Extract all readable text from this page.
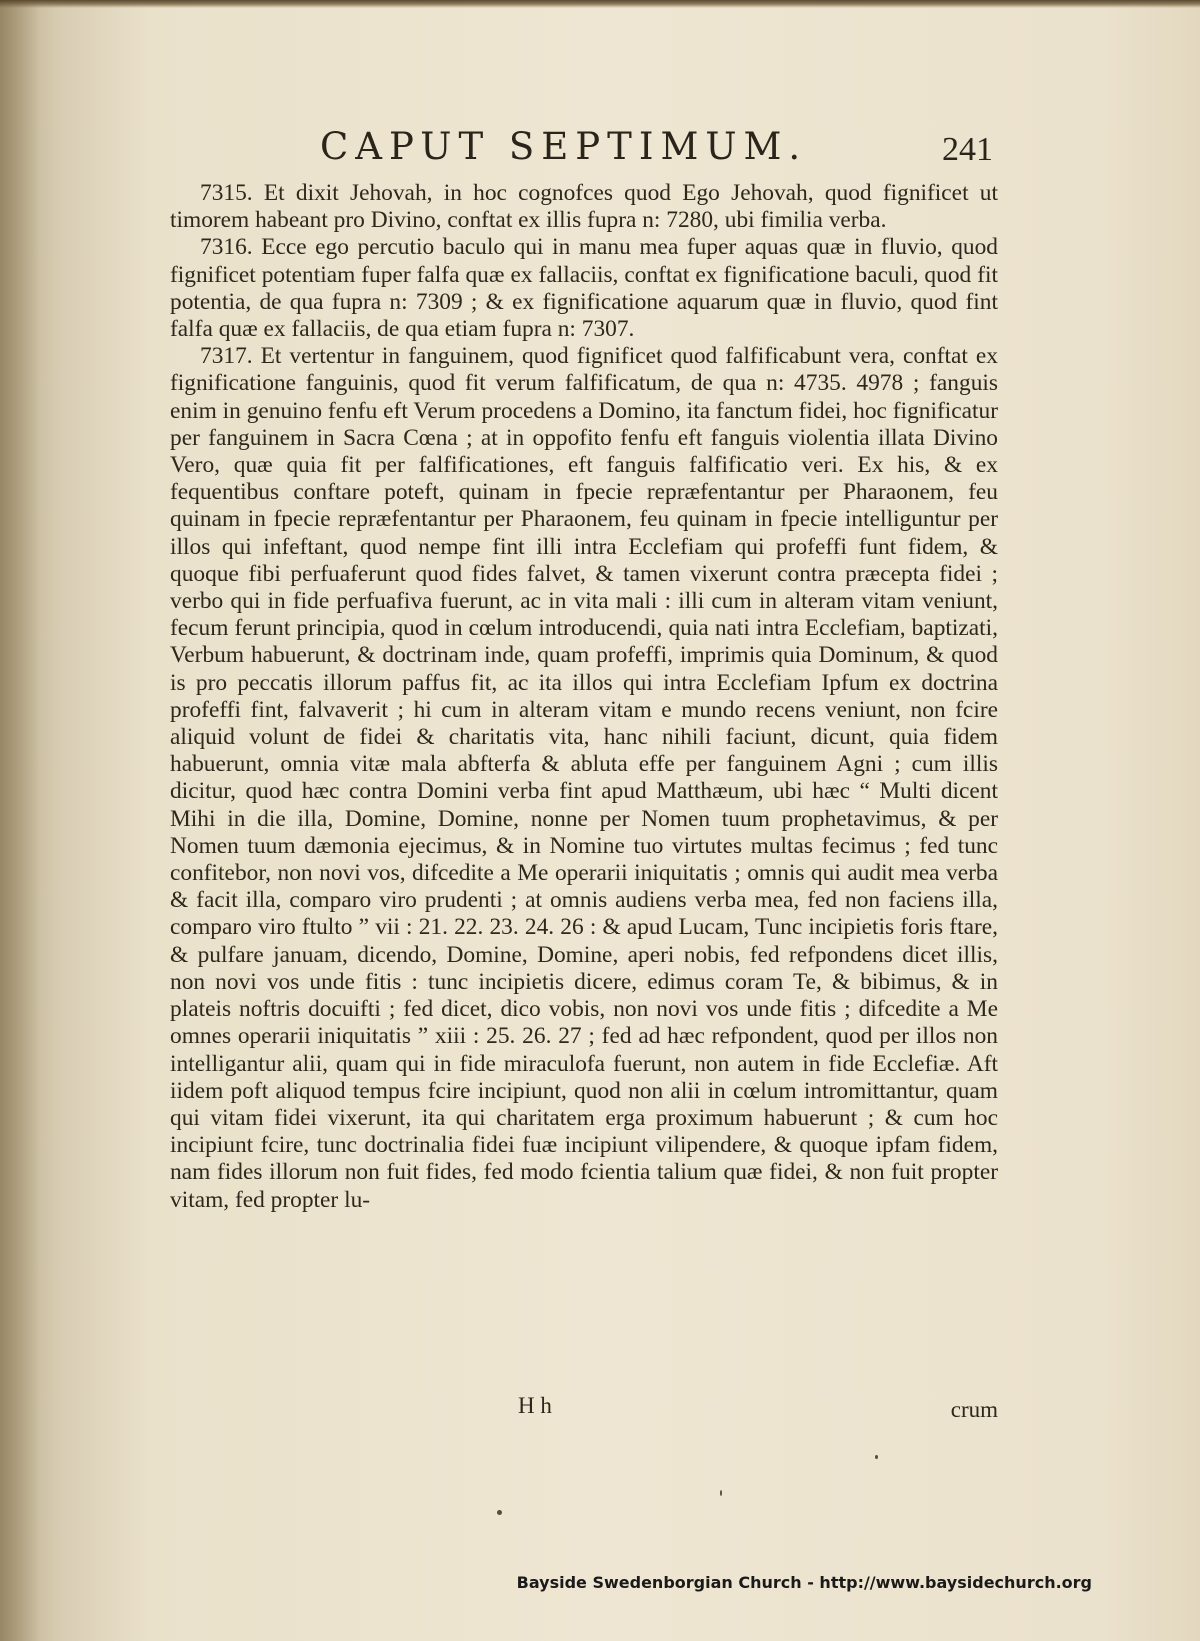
CAPUT SEPTIMUM.	241

7315. Et dixit Jehovah, in hoc cognofces quod Ego Jehovah, quod fignificet ut timorem habeant pro Divino, conftat ex illis fupra n: 7280, ubi fimilia verba.

7316. Ecce ego percutio baculo qui in manu mea fuper aquas quæ in fluvio, quod fignificet potentiam fuper falfa quæ ex fallaciis, conftat ex fignificatione baculi, quod fit potentia, de qua fupra n: 7309 ; & ex fignificatione aquarum quæ in fluvio, quod fint falfa quæ ex fallaciis, de qua etiam fupra n: 7307.

7317. Et vertentur in fanguinem, quod fignificet quod falfificabunt vera, conftat ex fignificatione fanguinis, quod fit verum falfificatum, de qua n: 4735. 4978 ; fanguis enim in genuino fenfu eft Verum procedens a Domino, ita fanctum fidei, hoc fignificatur per fanguinem in Sacra Cœna ; at in oppofito fenfu eft fanguis violentia illata Divino Vero, quæ quia fit per falfificationes, eft fanguis falfificatio veri. Ex his, & ex fequentibus conftare poteft, quinam in fpecie repræfentantur per Pharaonem, feu quinam in fpecie repræfentantur per Pharaonem, feu quinam in fpecie intelliguntur per illos qui infeftant, quod nempe fint illi intra Ecclefiam qui profeffi funt fidem, & quoque fibi perfuaferunt quod fides falvet, & tamen vixerunt contra præcepta fidei ; verbo qui in fide perfuafiva fuerunt, ac in vita mali : illi cum in alteram vitam veniunt, fecum ferunt principia, quod in cœlum introducendi, quia nati intra Ecclefiam, baptizati, Verbum habuerunt, & doctrinam inde, quam profeffi, imprimis quia Dominum, & quod is pro peccatis illorum paffus fit, ac ita illos qui intra Ecclefiam Ipfum ex doctrina profeffi fint, falvaverit ; hi cum in alteram vitam e mundo recens veniunt, non fcire aliquid volunt de fidei & charitatis vita, hanc nihili faciunt, dicunt, quia fidem habuerunt, omnia vitæ mala abfterfa & abluta effe per fanguinem Agni ; cum illis dicitur, quod hæc contra Domini verba fint apud Matthæum, ubi hæc “ Multi dicent Mihi in die illa, Domine, Domine, nonne per Nomen tuum prophetavimus, & per Nomen tuum dæmonia ejecimus, & in Nomine tuo virtutes multas fecimus ; fed tunc confitebor, non novi vos, difcedite a Me operarii iniquitatis ; omnis qui audit mea verba & facit illa, comparo viro prudenti ; at omnis audiens verba mea, fed non faciens illa, comparo viro ftulto ” vii : 21. 22. 23. 24. 26 : & apud Lucam, Tunc incipietis foris ftare, & pulfare januam, dicendo, Domine, Domine, aperi nobis, fed refpondens dicet illis, non novi vos unde fitis : tunc incipietis dicere, edimus coram Te, & bibimus, & in plateis noftris docuifti ; fed dicet, dico vobis, non novi vos unde fitis ; difcedite a Me omnes operarii iniquitatis ” xiii : 25. 26. 27 ; fed ad hæc refpondent, quod per illos non intelligantur alii, quam qui in fide miraculofa fuerunt, non autem in fide Ecclefiæ. Aft iidem poft aliquod tempus fcire incipiunt, quod non alii in cœlum intromittantur, quam qui vitam fidei vixerunt, ita qui charitatem erga proximum habuerunt ; & cum hoc incipiunt fcire, tunc doctrinalia fidei fuæ incipiunt vilipendere, & quoque ipfam fidem, nam fides illorum non fuit fides, fed modo fcientia talium quæ fidei, & non fuit propter vitam, fed propter lu-

H h	crum
Bayside Swedenborgian Church - http://www.baysidechurch.org
